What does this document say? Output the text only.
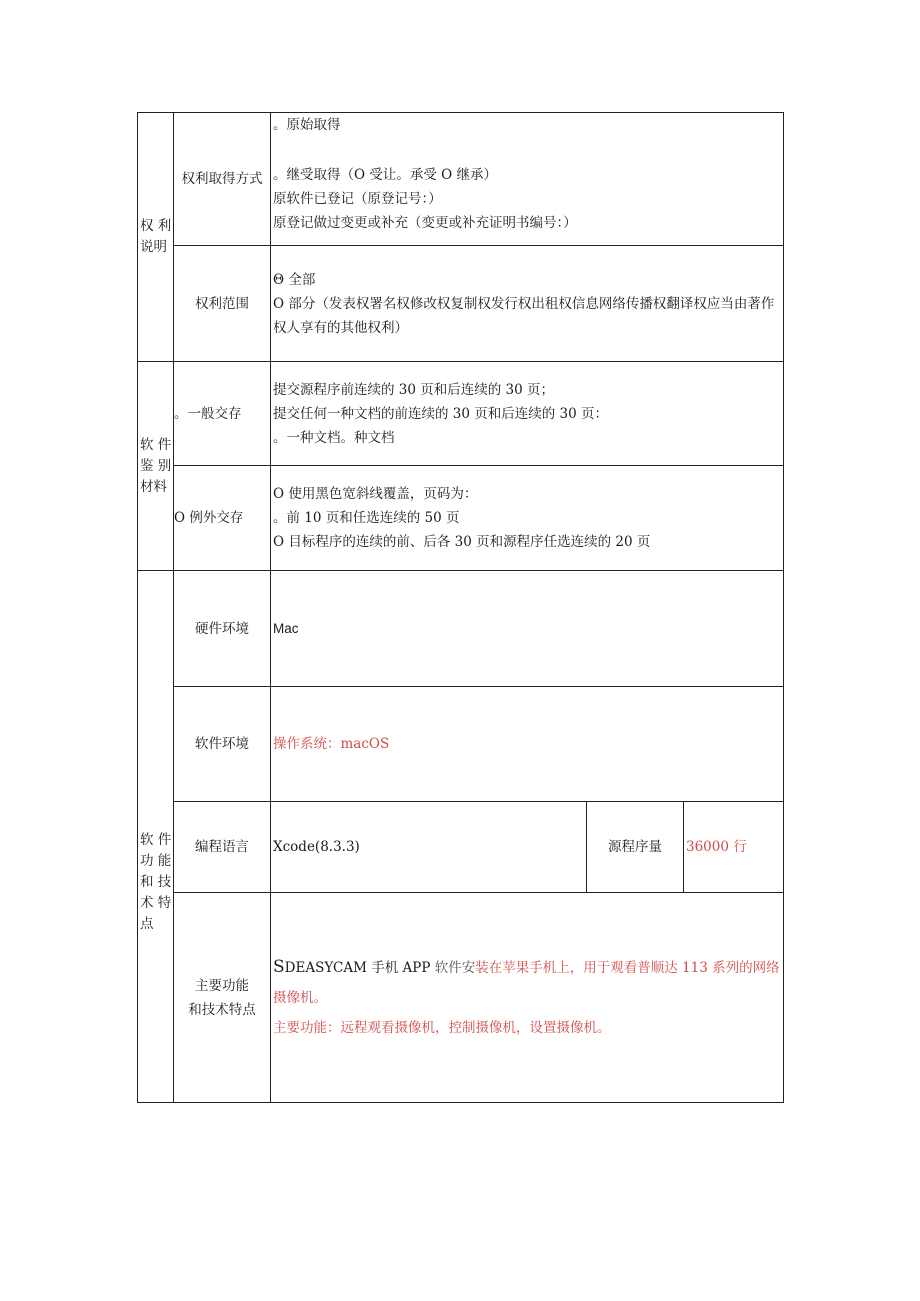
权 利
说明	权利取得方式	。原始取得
。继受取得（O 受让。承受 O 继承）
原软件已登记（原登记号：）
原登记做过变更或补充（变更或补充证明书编号：）		

	权利范围	Θ 全部
O 部分（发表权署名权修改权复制权发行权出租权信息网络传播权翻译权应当由著作权人享有的其他权利）		

软 件
鉴 别
材料	。一般交存	提交源程序前连续的 30 页和后连续的 30 页；
提交任何一种文档的前连续的 30 页和后连续的 30 页：
。一种文档。种文档		

	O 例外交存	O 使用黑色宽斜线覆盖，页码为：
。前 10 页和任选连续的 50 页
O 目标程序的连续的前、后各 30 页和源程序任选连续的 20 页		

软 件
功 能
和 技
术 特
点	硬件环境	Mac		
	软件环境	操作系统：macOS		
	编程语言	Xcode(8.3.3)	源程序量	36000 行
	主要功能
和技术特点	SDEASYCAM 手机 APP 软件安装在苹果手机上，用于观看普顺达 113 系列的网络摄像机。
主要功能：远程观看摄像机，控制摄像机，设置摄像机。		
